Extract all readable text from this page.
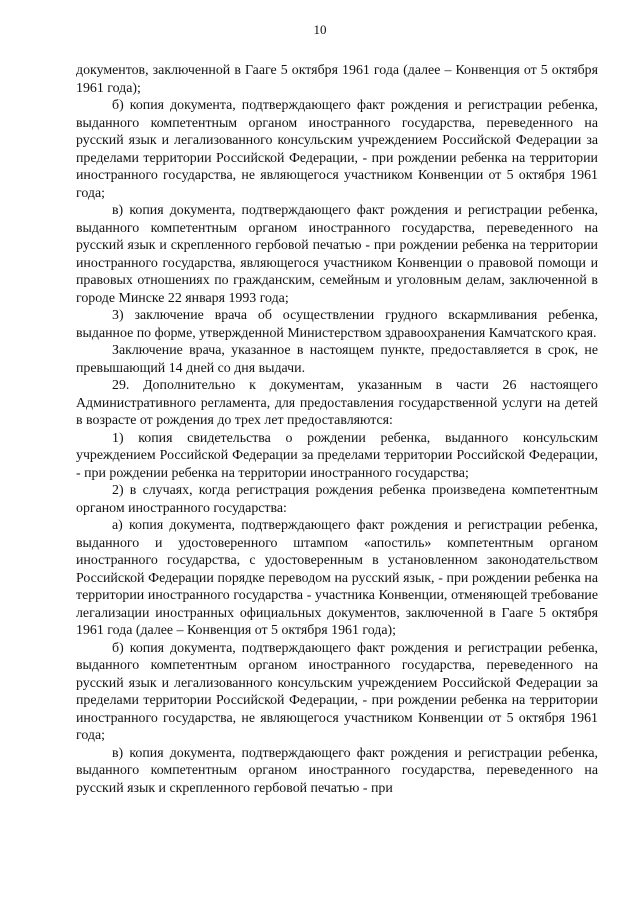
10

документов, заключенной в Гааге 5 октября 1961 года (далее – Конвенция от 5 октября 1961 года);

б) копия документа, подтверждающего факт рождения и регистрации ребенка, выданного компетентным органом иностранного государства, переведенного на русский язык и легализованного консульским учреждением Российской Федерации за пределами территории Российской Федерации, - при рождении ребенка на территории иностранного государства, не являющегося участником Конвенции от 5 октября 1961 года;

в) копия документа, подтверждающего факт рождения и регистрации ребенка, выданного компетентным органом иностранного государства, переведенного на русский язык и скрепленного гербовой печатью - при рождении ребенка на территории иностранного государства, являющегося участником Конвенции о правовой помощи и правовых отношениях по гражданским, семейным и уголовным делам, заключенной в городе Минске 22 января 1993 года;

3) заключение врача об осуществлении грудного вскармливания ребенка, выданное по форме, утвержденной Министерством здравоохранения Камчатского края.

Заключение врача, указанное в настоящем пункте, предоставляется в срок, не превышающий 14 дней со дня выдачи.

29. Дополнительно к документам, указанным в части 26 настоящего Административного регламента, для предоставления государственной услуги на детей в возрасте от рождения до трех лет предоставляются:

1) копия свидетельства о рождении ребенка, выданного консульским учреждением Российской Федерации за пределами территории Российской Федерации, - при рождении ребенка на территории иностранного государства;

2) в случаях, когда регистрация рождения ребенка произведена компетентным органом иностранного государства:

а) копия документа, подтверждающего факт рождения и регистрации ребенка, выданного и удостоверенного штампом «апостиль» компетентным органом иностранного государства, с удостоверенным в установленном законодательством Российской Федерации порядке переводом на русский язык, - при рождении ребенка на территории иностранного государства - участника Конвенции, отменяющей требование легализации иностранных официальных документов, заключенной в Гааге 5 октября 1961 года (далее – Конвенция от 5 октября 1961 года);

б) копия документа, подтверждающего факт рождения и регистрации ребенка, выданного компетентным органом иностранного государства, переведенного на русский язык и легализованного консульским учреждением Российской Федерации за пределами территории Российской Федерации, - при рождении ребенка на территории иностранного государства, не являющегося участником Конвенции от 5 октября 1961 года;

в) копия документа, подтверждающего факт рождения и регистрации ребенка, выданного компетентным органом иностранного государства, переведенного на русский язык и скрепленного гербовой печатью - при
